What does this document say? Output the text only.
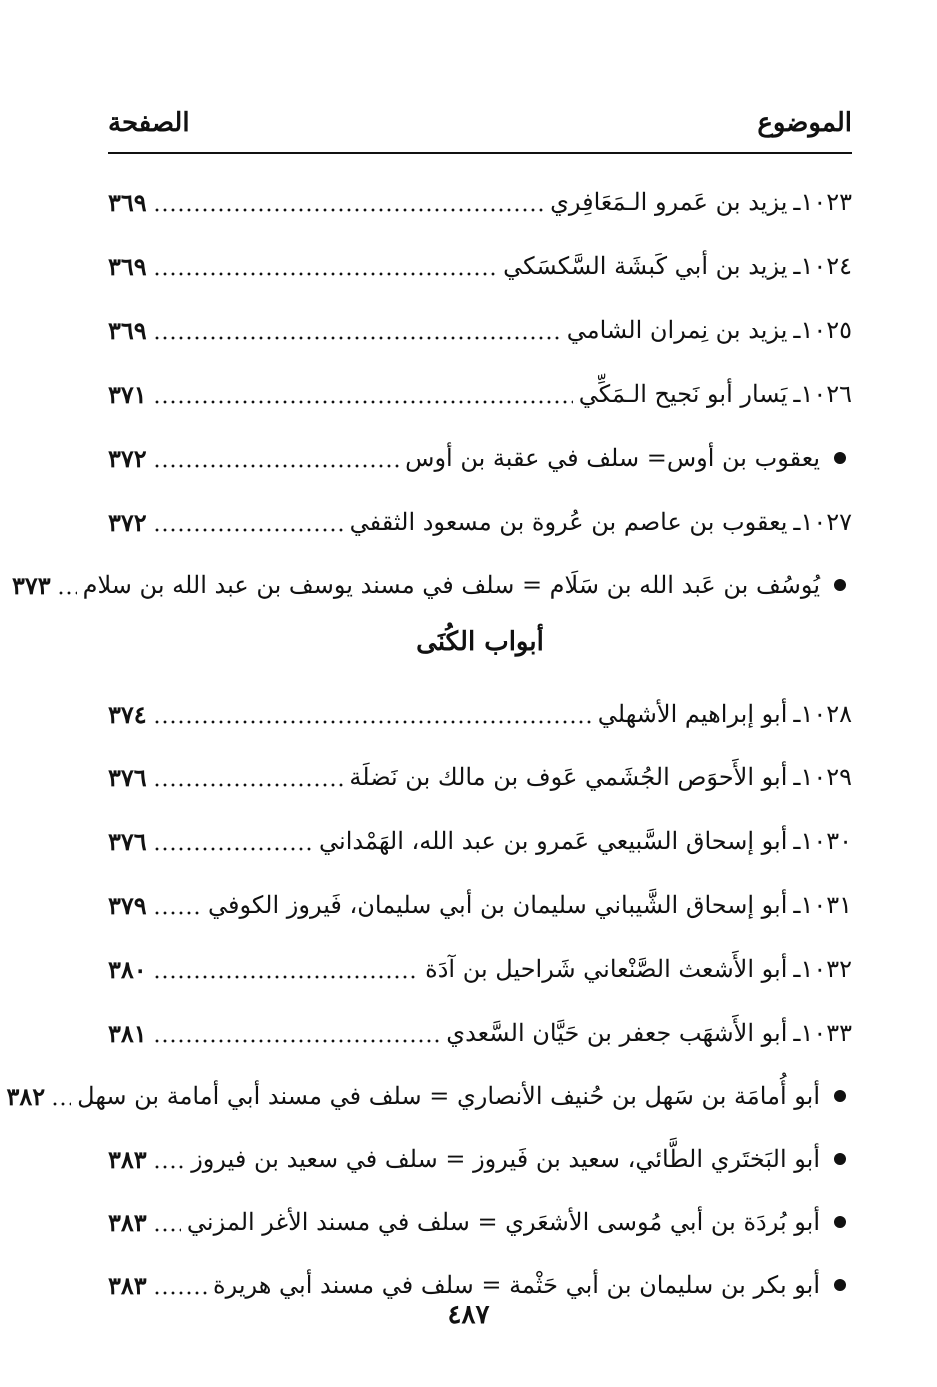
الموضوع
الصفحة
١٠٢٣
ـ
يزيد بن عَمرو الـمَعَافِري
٣٦٩
١٠٢٤
ـ
يزيد بن أبي كَبشَة السَّكسَكي
٣٦٩
١٠٢٥
ـ
يزيد بن نِمران الشامي
٣٦٩
١٠٢٦
ـ
يَسار أبو نَجيح الـمَكِّي
٣٧١
يعقوب بن أوس= سلف في عقبة بن أوس
٣٧٢
١٠٢٧
ـ
يعقوب بن عاصم بن عُروة بن مسعود الثقفي
٣٧٢
يُوسُف بن عَبد الله بن سَلَام = سلف في مسند يوسف بن عبد الله بن سلام
٣٧٣
أبواب الكُنَى
١٠٢٨
ـ
أبو إبراهيم الأشهلي
٣٧٤
١٠٢٩
ـ
أبو الأَحوَص الجُشَمي عَوف بن مالك بن نَضلَة
٣٧٦
١٠٣٠
ـ
أبو إسحاق السَّبيعي عَمرو بن عبد الله، الهَمْداني
٣٧٦
١٠٣١
ـ
أبو إسحاق الشَّيباني سليمان بن أبي سليمان، فَيروز الكوفي
٣٧٩
١٠٣٢
ـ
أبو الأَشعث الصَّنْعاني شَراحيل بن آدَة
٣٨٠
١٠٣٣
ـ
أبو الأَشهَب جعفر بن حَيَّان السَّعدي
٣٨١
أبو أُمامَة بن سَهل بن حُنيف الأنصاري = سلف في مسند أبي أمامة بن سهل
٣٨٢
أبو البَختَري الطَّائي، سعيد بن فَيروز = سلف في سعيد بن فيروز
٣٨٣
أبو بُردَة بن أبي مُوسى الأشعَري = سلف في مسند الأغر المزني
٣٨٣
أبو بكر بن سليمان بن أبي حَثْمة = سلف في مسند أبي هريرة
٣٨٣
٤٨٧
